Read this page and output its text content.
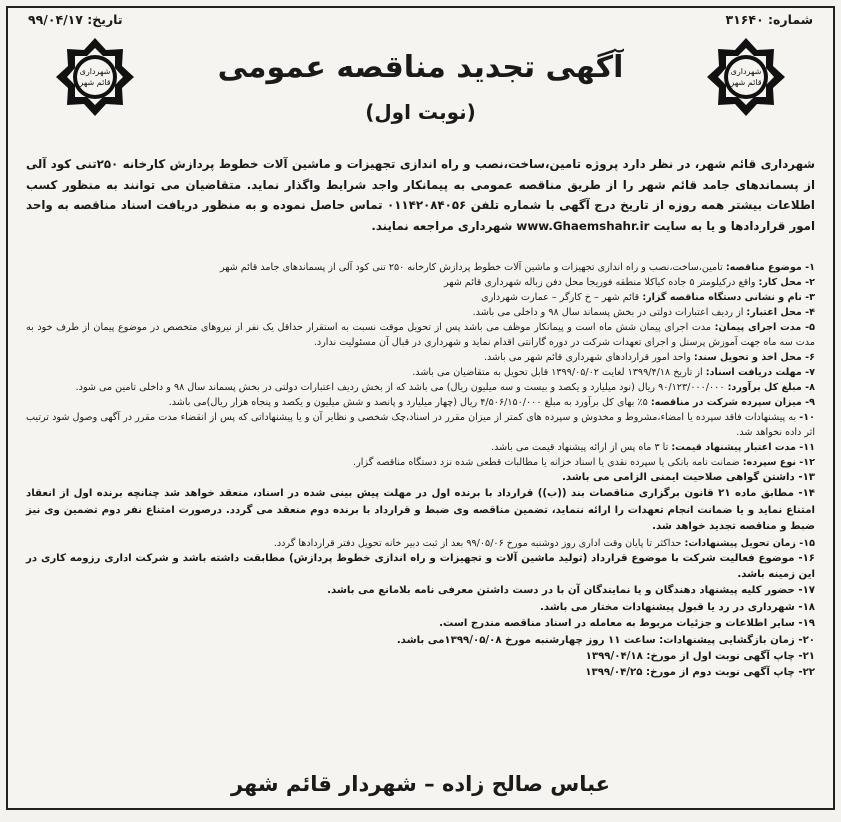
شماره: ۳۱۶۴۰
تاریخ: ۹۹/۰۴/۱۷
شهرداری
قائم شهر
شهرداری
قائم شهر	آگهی تجدید مناقصه عمومی
(نوبت اول)
شهرداری قائم شهر، در نظر دارد پروژه تامین،ساخت،نصب و راه اندازی تجهیزات و ماشین آلات خطوط پردازش کارخانه ۲۵۰تنی کود آلی از پسماندهای جامد قائم شهر را از طریق مناقصه عمومی به پیمانکار واجد شرایط واگذار نماید. متقاضیان می توانند به منظور کسب اطلاعات بیشتر همه روزه از تاریخ درج آگهی با شماره تلفن ۰۱۱۴۲۰۸۴۰۵۶ تماس حاصل نموده و به منظور دریافت اسناد مناقصه به واحد امور قراردادها و یا به سایت www.Ghaemshahr.ir شهرداری مراجعه نمایند.
۱- موضوع مناقصه: تامین،ساخت،نصب و راه اندازی تجهیزات و ماشین آلات خطوط پردازش کارخانه ۲۵۰ تنی کود آلی از پسماندهای جامد قائم شهر
۲- محل کار: واقع درکیلومتر ۵ جاده کیاکلا منطقه فوریجا محل دفن زباله شهرداری قائم شهر
۳- نام و نشانی دستگاه مناقصه گزار: قائم شهر – خ کارگر – عمارت شهرداری
۴- محل اعتبار: از ردیف اعتبارات دولتی در بخش پسماند سال ۹۸ و داخلی می باشد.
۵- مدت اجرای پیمان: مدت اجرای پیمان شش ماه است و پیمانکار موظف می باشد پس از تحویل موقت نسبت به استقرار حداقل یک نفر از نیروهای متخصص در موضوع پیمان از طرف خود به مدت سه ماه جهت آموزش پرسنل و اجرای تعهدات شرکت در دوره گارانتی اقدام نماید و شهرداری در قبال آن مسئولیت ندارد.
۶- محل اخذ و تحویل سند: واحد امور قراردادهای شهرداری قائم شهر می باشد.
۷- مهلت دریافت اسناد: از تاریخ ۱۳۹۹/۴/۱۸ لغایت ۱۳۹۹/۰۵/۰۲ قابل تحویل به متقاضیان می باشد.
۸- مبلغ کل برآورد: ۹۰/۱۲۳/۰۰۰/۰۰۰ ریال (نود میلیارد و یکصد و بیست و سه میلیون ریال) می باشد که از بخش ردیف اعتبارات دولتی در بخش پسماند سال ۹۸ و داخلی تامین می شود.
۹- میزان سپرده شرکت در مناقصه: ۵٪ بهای کل برآورد به مبلغ ۴/۵۰۶/۱۵۰/۰۰۰ ریال (چهار میلیارد و پانصد و شش میلیون و یکصد و پنجاه هزار ریال)می باشد.
۱۰- به پیشنهادات فاقد سپرده یا امضاء،مشروط و مخدوش و سپرده های کمتر از میزان مقرر در اسناد،چک شخصی و نظایر آن و یا پیشنهاداتی که پس از انقضاء مدت مقرر در آگهی وصول شود ترتیب اثر داده نخواهد شد.
۱۱- مدت اعتبار پیشنهاد قیمت: تا ۳ ماه پس از ارائه پیشنهاد قیمت می باشد.
۱۲- نوع سپرده: ضمانت نامه بانکی یا سپرده نقدی یا اسناد خزانه یا مطالبات قطعی شده نزد دستگاه مناقصه گزار.
۱۳- داشتن گواهی صلاحیت ایمنی الزامی می باشد.
۱۴- مطابق ماده ۲۱ قانون برگزاری مناقصات بند ((ب)) قرارداد با برنده اول در مهلت پیش بینی شده در اسناد، منعقد خواهد شد چنانچه برنده اول از انعقاد امتناع نماید و یا ضمانت انجام تعهدات را ارائه ننماید، تضمین مناقصه وی ضبط و قرارداد با برنده دوم منعقد می گردد. درصورت امتناع نفر دوم تضمین وی نیز ضبط و مناقصه تجدید خواهد شد.
۱۵- زمان تحویل پیشنهادات: حداکثر تا پایان وقت اداری روز دوشنبه مورخ ۹۹/۰۵/۰۶ بعد از ثبت دبیر خانه تحویل دفتر قراردادها گردد.
۱۶- موضوع فعالیت شرکت با موضوع قرارداد (تولید ماشین آلات و تجهیزات و راه اندازی خطوط پردازش) مطابقت داشته باشد و شرکت اداری رزومه کاری در این زمینه باشد.
۱۷- حضور کلیه پیشنهاد دهندگان و یا نمایندگان آن با در دست داشتن معرفی نامه بلامانع می باشد.
۱۸- شهرداری در رد یا قبول پیشنهادات مختار می باشد.
۱۹- سایر اطلاعات و جزئیات مربوط به معامله در اسناد مناقصه مندرج است.
۲۰- زمان بازگشایی پیشنهادات: ساعت ۱۱ روز چهارشنبه مورخ ۱۳۹۹/۰۵/۰۸می باشد.
۲۱- چاپ آگهی نوبت اول از مورخ: ۱۳۹۹/۰۴/۱۸
۲۲- چاپ آگهی نوبت دوم از مورخ: ۱۳۹۹/۰۴/۲۵
عباس صالح زاده – شهردار قائم شهر
